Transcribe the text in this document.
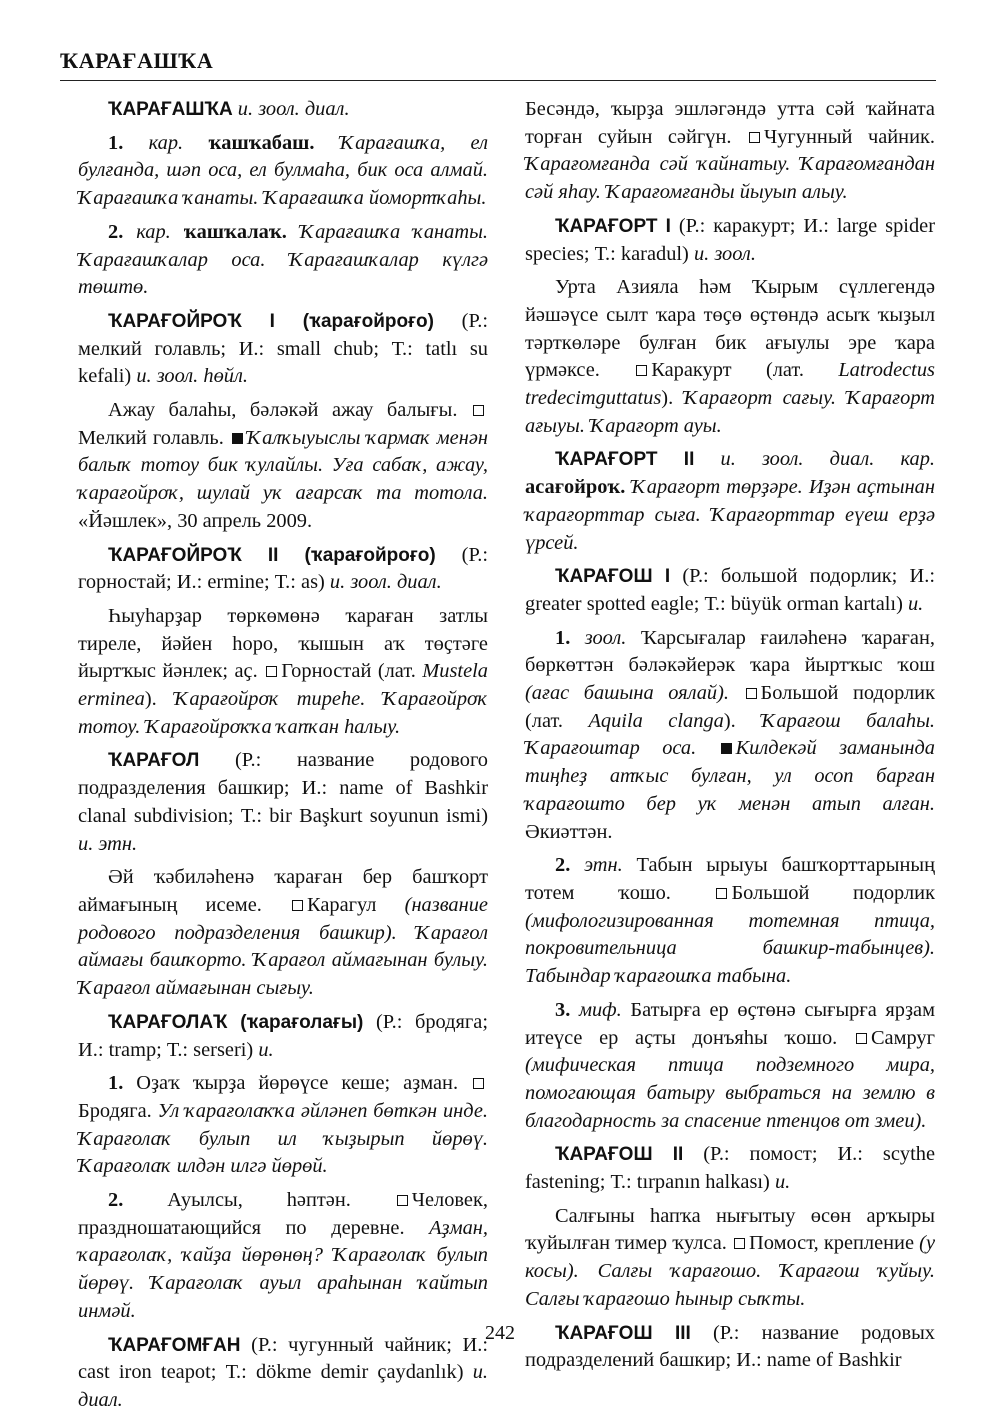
ҠАРАҒАШҠА

ҠАРАҒАШҠА и. зоол. диал.

1. кар. ҡашҡабаш. Ҡарағашҡа, ел булғанда, шәп оса, ел булмаһа, бик оса алмай. Ҡарағашҡа ҡанаты. Ҡарағашҡа йомортҡаһы.

2. кар. ҡашҡалаҡ. Ҡарағашҡа ҡанаты. Ҡарағашҡалар оса. Ҡарағашҡалар күлгә төштө.

ҠАРАҒОЙРОҠ I (ҡарағойроғо) (Р.: мелкий голавль; И.: small chub; Т.: tatlı su kefali) и. зоол. һөйл.

Ажау балаһы, бәләкәй ажау балығы. Мелкий голавль. Ҡалҡыуыслы ҡармаҡ менән балыҡ тотоу бик ҡулайлы. Уға сабаҡ, ажау, ҡарағойроҡ, шулай уҡ ағарсаҡ та тотола. «Йәшлек», 30 апрель 2009.

ҠАРАҒОЙРОҠ II (ҡарағойроғо) (Р.: горностай; И.: ermine; Т.: as) и. зоол. диал.

Һыуһарҙар төркөмөнә ҡараған затлы тиреле, йәйен һоро, ҡышын аҡ төҫтәге йыртҡыс йәнлек; аҫ. Горностай (лат. Mustela erminea). Ҡарағойроҡ тиреһе. Ҡарағойроҡ тотоу. Ҡарағойроҡҡа ҡапҡан һалыу.

ҠАРАҒОЛ (Р.: название родового подразделения башкир; И.: name of Bashkir clanal subdivision; Т.: bir Başkurt soyunun ismi) и. этн.

Әй ҡәбиләһенә ҡараған бер башҡорт аймағының исеме. Карагул (название родового подразделения башкир). Ҡарағол аймағы башҡорто. Ҡарағол аймағынан булыу. Ҡарағол аймағынан сығыу.

ҠАРАҒОЛАҠ (ҡарағолағы) (Р.: бродяга; И.: tramp; Т.: serseri) и.

1. Оҙаҡ ҡырҙа йөрөүсе кеше; аҙман. Бродяга. Ул ҡарағолаҡҡа әйләнеп бөткән инде. Ҡарағолаҡ булып ил ҡыҙырып йөрөү. Ҡарағолаҡ илдән илгә йөрөй.

2. Ауылсы, һәптән.	Человек, праздношатающийся по деревне. Аҙман, ҡарағолаҡ, ҡайҙа йөрөнөң? Ҡарағолаҡ булып йөрөү. Ҡарағолаҡ ауыл араһынан ҡайтып инмәй.

ҠАРАҒОМҒАН (Р.: чугунный чайник; И.: cast iron teapot; Т.: dökme demir çaydanlık) и. диал.

Бесәндә, ҡырҙа эшләгәндә утта сәй ҡайната торған суйын сәйгүн. Чугунный чайник. Ҡарағомғанда сәй ҡайнатыу. Ҡарағомғандан сәй яһау. Ҡарағомғанды йыуып алыу.

ҠАРАҒОРТ I (Р.: каракурт; И.: large spider species; Т.: karadul) и. зоол.

Урта Азияла һәм Ҡырым сүллегендә йәшәүсе сылт ҡара төҫө өҫтөндә асыҡ ҡыҙыл тәрткөләре булған бик ағыулы эре ҡара үрмәксе.	Каракурт (лат. Latrodectus tredecimguttatus). Ҡарағорт сағыу. Ҡарағорт ағыуы. Ҡарағорт ауы.

ҠАРАҒОРТ II и. зоол. диал. кар. асағойроҡ. Ҡарағорт төрҙәре. Иҙән аҫтынан ҡарағорттар сыға. Ҡарағорттар еүеш ерҙә үрсей.

ҠАРАҒОШ I (Р.: большой подорлик; И.: greater spotted eagle; Т.: büyük orman kartalı) и.

1. зоол. Ҡарсығалар ғаиләһенә ҡараған, бөркөттән бәләкәйерәк ҡара йыртҡыс ҡош (ағас башына оялай). Большой подорлик (лат. Aquila clanga). Ҡарағош балаһы. Ҡарағоштар оса. Килдекәй заманында тиңһеҙ атҡыс булған, ул осоп барған ҡарағошто бер уҡ менән атып алған. Әкиәттән.

2. этн. Табын ырыуы башҡорттарының тотем ҡошо.	Большой подорлик (мифологизированная тотемная птица, покровительница башкир-табынцев). Табындар ҡарағошҡа табына.

3. миф. Батырға ер өҫтөнә сығырға ярҙам итеүсе ер аҫты донъяһы ҡошо. Самруг (мифическая птица подземного мира, помогающая батыру выбраться на землю в благодарность за спасение птенцов от змеи).

ҠАРАҒОШ II (Р.: помост; И.: scythe fastening; Т.: tırpanın halkası) и.

Салғыны һапҡа нығытыу өсөн арҡыры ҡуйылған тимер ҡулса. Помост, крепление (у косы). Салғы ҡарағошо. Ҡарағош ҡуйыу. Салғы ҡарағошо һыныр сыҡты.

ҠАРАҒОШ III (Р.: название родовых подразделений башкир; И.: name of Bashkir

242
